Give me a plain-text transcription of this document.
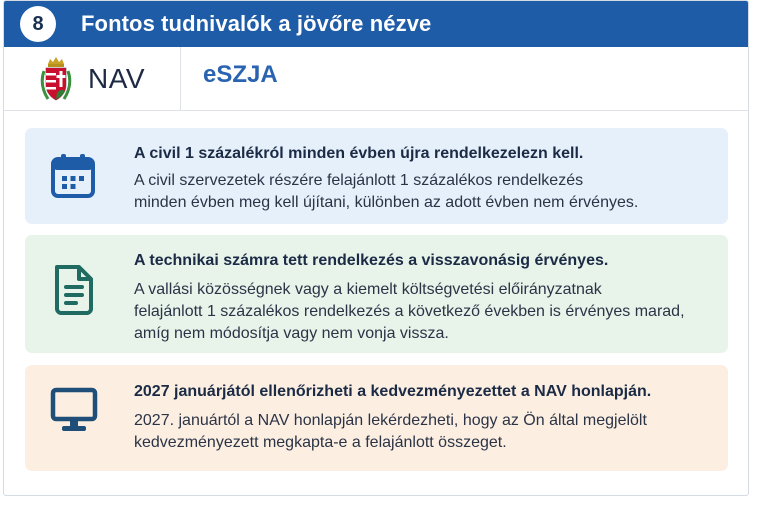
8	Fontos tudnivalók a jövőre nézve
NAV eSZJA
A civil 1 százalékról minden évben újra rendelkezelezn kell.
A civil szervezetek részére felajánlott 1 százalékos rendelkezés
minden évben meg kell újítani, különben az adott évben nem érvényes.
A technikai számra tett rendelkezés a visszavonásig érvényes.
A vallási közösségnek vagy a kiemelt költségvetési előirányzatnak
felajánlott 1 százalékos rendelkezés a következő években is érvényes marad,
amíg nem módosítja vagy nem vonja vissza.
2027 januárjától ellenőrizheti a kedvezményezettet a NAV honlapján.
2027. januártól a NAV honlapján lekérdezheti, hogy az Ön által megjelölt
kedvezményezett megkapta-e a felajánlott összeget.
